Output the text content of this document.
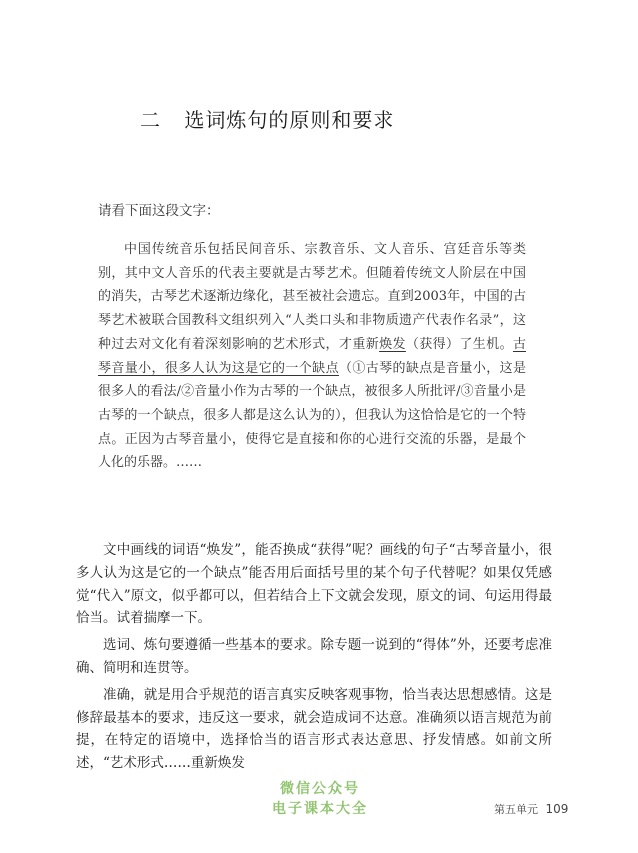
二 选词炼句的原则和要求
请看下面这段文字：

中国传统音乐包括民间音乐、宗教音乐、文人音乐、宫廷音乐等类别，其中文人音乐的代表主要就是古琴艺术。但随着传统文人阶层在中国的消失，古琴艺术逐渐边缘化，甚至被社会遗忘。直到2003年，中国的古琴艺术被联合国教科文组织列入“人类口头和非物质遗产代表作名录”，这种过去对文化有着深刻影响的艺术形式，才重新焕发（获得）了生机。古琴音量小，很多人认为这是它的一个缺点（①古琴的缺点是音量小，这是很多人的看法/②音量小作为古琴的一个缺点，被很多人所批评/③音量小是古琴的一个缺点，很多人都是这么认为的），但我认为这恰恰是它的一个特点。正因为古琴音量小，使得它是直接和你的心进行交流的乐器，是最个人化的乐器。……

文中画线的词语“焕发”，能否换成“获得”呢？画线的句子“古琴音量小，很多人认为这是它的一个缺点”能否用后面括号里的某个句子代替呢？如果仅凭感觉“代入”原文，似乎都可以，但若结合上下文就会发现，原文的词、句运用得最恰当。试着揣摩一下。

选词、炼句要遵循一些基本的要求。除专题一说到的“得体”外，还要考虑准确、简明和连贯等。

准确，就是用合乎规范的语言真实反映客观事物，恰当表达思想感情。这是修辞最基本的要求，违反这一要求，就会造成词不达意。准确须以语言规范为前提，在特定的语境中，选择恰当的语言形式表达意思、抒发情感。如前文所述，“艺术形式……重新焕发

微信公众号
电子课本大全	第五单元 109
